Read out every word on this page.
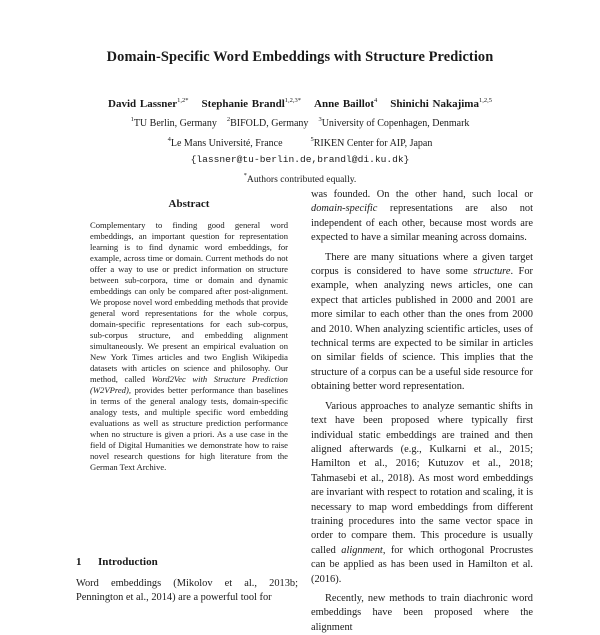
Domain-Specific Word Embeddings with Structure Prediction
David Lassner$^{1,2*}$ Stephanie Brandl$^{1,2,3*}$ Anne Baillot$^4$ Shinichi Nakajima$^{1,2,5}$
$^1$TU Berlin, Germany $^2$BIFOLD, Germany $^3$University of Copenhagen, Denmark
$^4$Le Mans Université, France	$^5$RIKEN Center for AIP, Japan
{lassner@tu-berlin.de,brandl@di.ku.dk}
*Authors contributed equally.
Abstract
Complementary to finding good general word embeddings, an important question for representation learning is to find dynamic word embeddings, for example, across time or domain. Current methods do not offer a way to use or predict information on structure between sub-corpora, time or domain and dynamic embeddings can only be compared after post-alignment. We propose novel word embedding methods that provide general word representations for the whole corpus, domain-specific representations for each sub-corpus, sub-corpus structure, and embedding alignment simultaneously. We present an empirical evaluation on New York Times articles and two English Wikipedia datasets with articles on science and philosophy. Our method, called Word2Vec with Structure Prediction (W2VPred), provides better performance than baselines in terms of the general analogy tests, domain-specific analogy tests, and multiple specific word embedding evaluations as well as structure prediction performance when no structure is given a priori. As a use case in the field of Digital Humanities we demonstrate how to raise novel research questions for high literature from the German Text Archive.
1 Introduction
Word embeddings (Mikolov et al., 2013b; Pennington et al., 2014) are a powerful tool for

was founded. On the other hand, such local or domain-specific representations are also not independent of each other, because most words are expected to have a similar meaning across domains.

There are many situations where a given target corpus is considered to have some structure. For example, when analyzing news articles, one can expect that articles published in 2000 and 2001 are more similar to each other than the ones from 2000 and 2010. When analyzing scientific articles, uses of technical terms are expected to be similar in articles on similar fields of science. This implies that the structure of a corpus can be a useful side resource for obtaining better word representation.

Various approaches to analyze semantic shifts in text have been proposed where typically first individual static embeddings are trained and then aligned afterwards (e.g., Kulkarni et al., 2015; Hamilton et al., 2016; Kutuzov et al., 2018; Tahmasebi et al., 2018). As most word embeddings are invariant with respect to rotation and scaling, it is necessary to map word embeddings from different training procedures into the same vector space in order to compare them. This procedure is usually called alignment, for which orthogonal Procrustes can be applied as has been used in Hamilton et al. (2016).

Recently, new methods to train diachronic word embeddings have been proposed where the alignment
